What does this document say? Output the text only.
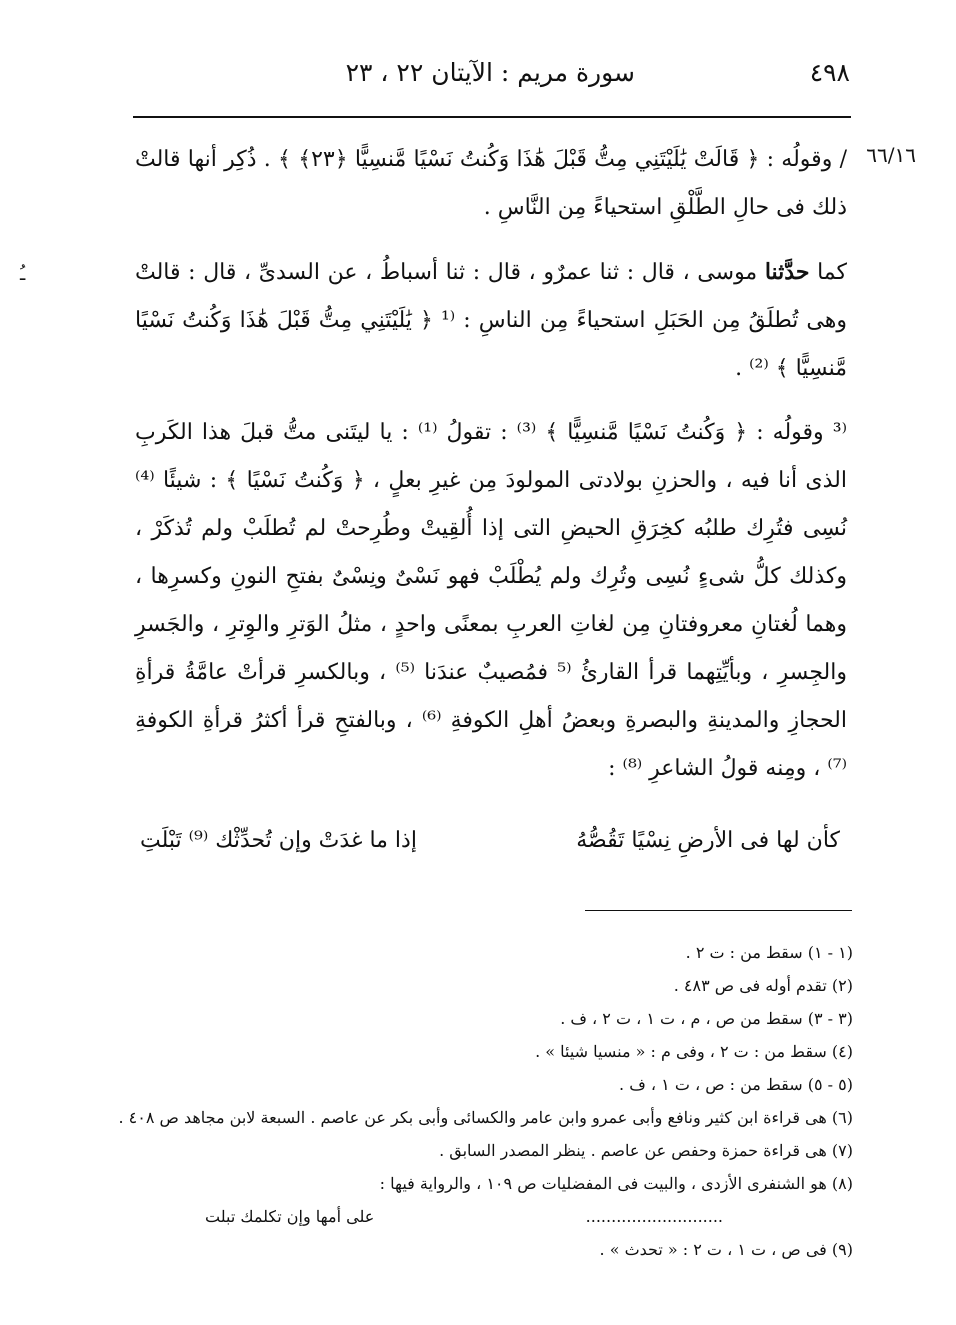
٤٩٨
سورة مريم : الآيتان ٢٢ ، ٢٣
٦٦/١٦
ـُ

/ وقولُه : ﴿ قَالَتْ يَٰلَيْتَنِي مِتُّ قَبْلَ هَٰذَا وَكُنتُ نَسْيًا مَّنسِيًّا ﴿٢٣﴾ ﴾ . ذُكِر أنها قالتْ ذلك فى حالِ الطَّلْقِ استحياءً مِن النَّاسِ .

كما حدَّثنا موسى ، قال : ثنا عمرٌو ، قال : ثنا أسباطُ ، عن السدىِّ ، قال : قالتْ وهى تُطلَقُ مِن الحَبَلِ استحياءً مِن الناسِ : ⁽¹ ﴿ يَٰلَيْتَنِي مِتُّ قَبْلَ هَٰذَا وَكُنتُ نَسْيًا مَّنسِيًّا ﴾ ⁽²⁾ .

⁽³ وقولُه : ﴿ وَكُنتُ نَسْيًا مَّنسِيًّا ﴾ ⁽³⁾ : تقولُ ⁽¹⁾ : يا ليتَنى متُّ قبلَ هذا الكَربِ الذى أنا فيه ، والحزنِ بولادتى المولودَ مِن غيرِ بعلٍ ، ﴿ وَكُنتُ نَسْيًا ﴾ : شيئًا ⁽⁴⁾ نُسِى فتُرِك طلبُه كخِرَقِ الحيضِ التى إذا أُلقِيتْ وطُرِحتْ لم تُطلَبْ ولم تُذكَرْ ، وكذلك كلُّ شىءٍ نُسِى وتُرِك ولم يُطْلَبْ فهو نَسْىٌ ونِسْىٌ بفتحِ النونِ وكسرِها ، وهما لُغتانِ معروفتانِ مِن لغاتِ العربِ بمعنًى واحدٍ ، مثلُ الوَترِ والوِترِ ، والجَسرِ والجِسرِ ، وبأيِّتِهما قرأ القارئُ ⁽⁵ فمُصيبٌ عندَنا ⁽⁵⁾ ، وبالكسرِ قرأتْ عامَّةُ قرأةِ الحجازِ والمدينةِ والبصرةِ وبعضُ أهلِ الكوفةِ ⁽⁶⁾ ، وبالفتحِ قرأ أكثرُ قرأةِ الكوفةِ ⁽⁷⁾ ، ومِنه قولُ الشاعرِ ⁽⁸⁾ :

كأن لها فى الأرضِ نِسْيًا تَقُصُّهُ
إذا ما غدَتْ وإن تُحدِّثْك ⁽⁹⁾ تَبْلَتِ

(١ - ١) سقط من : ت ٢ .

(٢) تقدم أوله فى ص ٤٨٣ .

(٣ - ٣) سقط من ص ، م ، ت ١ ، ت ٢ ، ف .

(٤) سقط من : ت ٢ ، وفى م : « منسيا شيئا » .

(٥ - ٥) سقط من : ص ، ت ١ ، ف .

(٦) هى قراءة ابن كثير ونافع وأبى عمرو وابن عامر والكسائى وأبى بكر عن عاصم . السبعة لابن مجاهد ص ٤٠٨ .

(٧) هى قراءة حمزة وحفص عن عاصم . ينظر المصدر السابق .

(٨) هو الشنفرى الأزدى ، والبيت فى المفضليات ص ١٠٩ ، والرواية فيها :

...........................
على أمها وإن تكلمك تبلت

(٩) فى ص ، ت ١ ، ت ٢ : « تحدث » .
